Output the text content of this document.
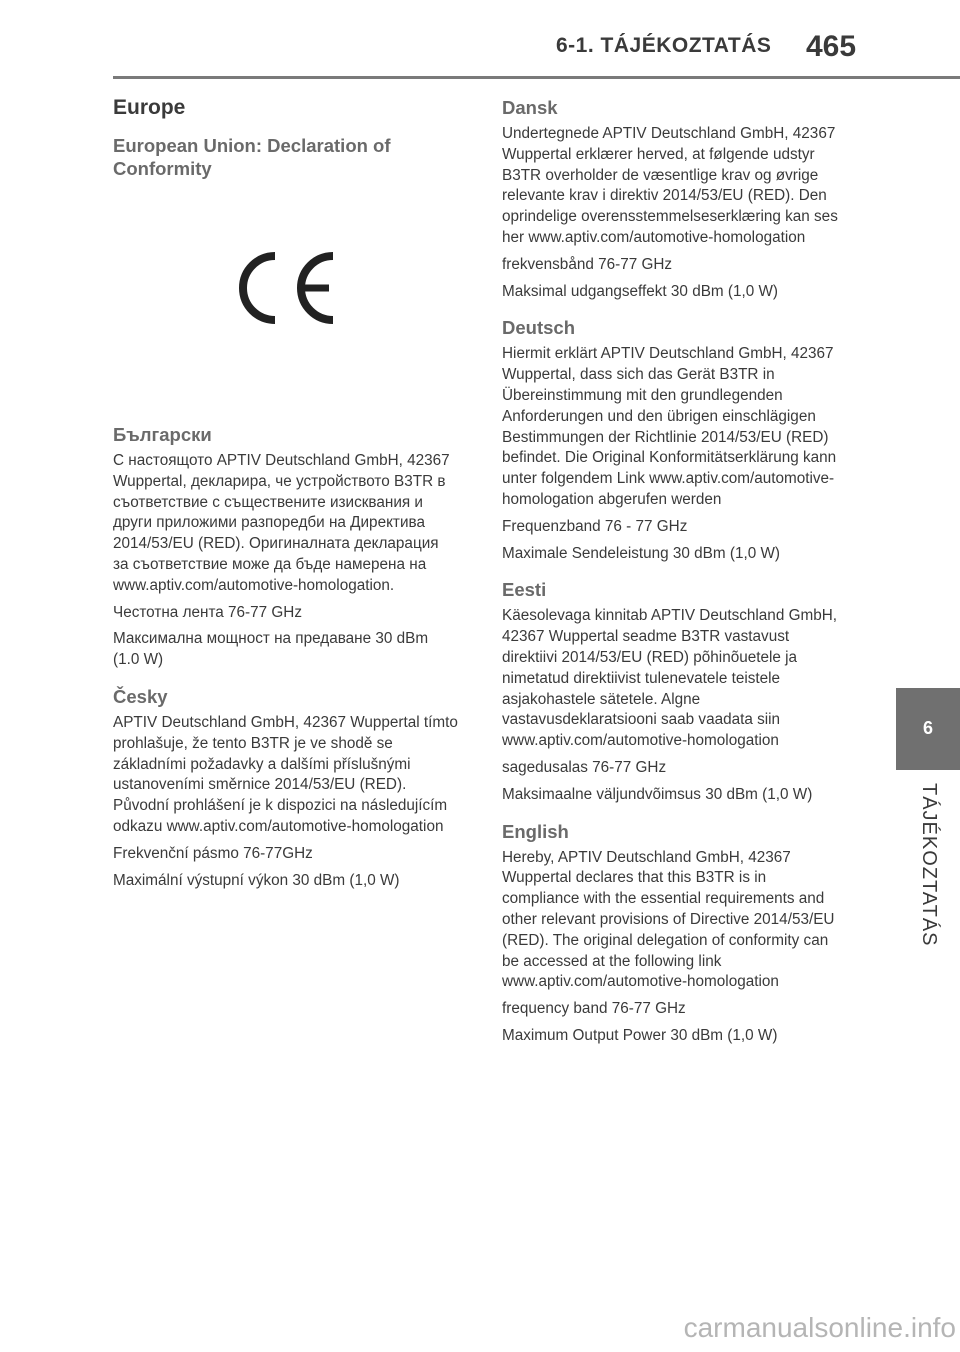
6-1. TÁJÉKOZTATÁS	465
Europe
European Union: Declaration of Conformity
Български

С настоящото APTIV Deutschland GmbH, 42367 Wuppertal, декларира, че устройството B3TR в съответствие с съществените изисквания и други приложими разпоредби на Директива 2014/53/EU (RED). Оригиналната декларация за съответствие може да бъде намерена на www.aptiv.com/automotive-homologation.

Честотна лента 76-77 GHz

Максимална мощност на предаване 30 dBm (1.0 W)

Česky

APTIV Deutschland GmbH, 42367 Wuppertal tímto prohlašuje, že tento B3TR je ve shodě se základními požadavky a dalšími příslušnými ustanoveními směrnice 2014/53/EU (RED). Původní prohlášení je k dispozici na následujícím odkazu www.aptiv.com/automotive-homologation

Frekvenční pásmo 76-77GHz

Maximální výstupní výkon 30 dBm (1,0 W)

Dansk

Undertegnede APTIV Deutschland GmbH, 42367 Wuppertal erklærer herved, at følgende udstyr B3TR overholder de væsentlige krav og øvrige relevante krav i direktiv 2014/53/EU (RED). Den oprindelige overensstemmelseserklæring kan ses her www.aptiv.com/automotive-homologation

frekvensbånd 76-77 GHz

Maksimal udgangseffekt 30 dBm (1,0 W)

Deutsch

Hiermit erklärt APTIV Deutschland GmbH, 42367 Wuppertal, dass sich das Gerät B3TR in Übereinstimmung mit den grundlegenden Anforderungen und den übrigen einschlägigen Bestimmungen der Richtlinie 2014/53/EU (RED) befindet. Die Original Konformitätserklärung kann unter folgendem Link www.aptiv.com/automotive-homologation abgerufen werden

Frequenzband 76 - 77 GHz

Maximale Sendeleistung 30 dBm (1,0 W)

Eesti

Käesolevaga kinnitab APTIV Deutschland GmbH, 42367 Wuppertal seadme B3TR vastavust direktiivi 2014/53/EU (RED) põhinõuetele ja nimetatud direktiivist tulenevatele teistele asjakohastele sätetele. Algne vastavusdeklaratsiooni saab vaadata siin www.aptiv.com/automotive-homologation

sagedusalas 76-77 GHz

Maksimaalne väljundvõimsus 30 dBm (1,0 W)

English

Hereby, APTIV Deutschland GmbH, 42367 Wuppertal declares that this B3TR is in compliance with the essential requirements and other relevant provisions of Directive 2014/53/EU (RED). The original delegation of conformity can be accessed at the following link www.aptiv.com/automotive-homologation

frequency band 76-77 GHz

Maximum Output Power 30 dBm (1,0 W)

6
TÁJÉKOZTATÁS
carmanualsonline.info
